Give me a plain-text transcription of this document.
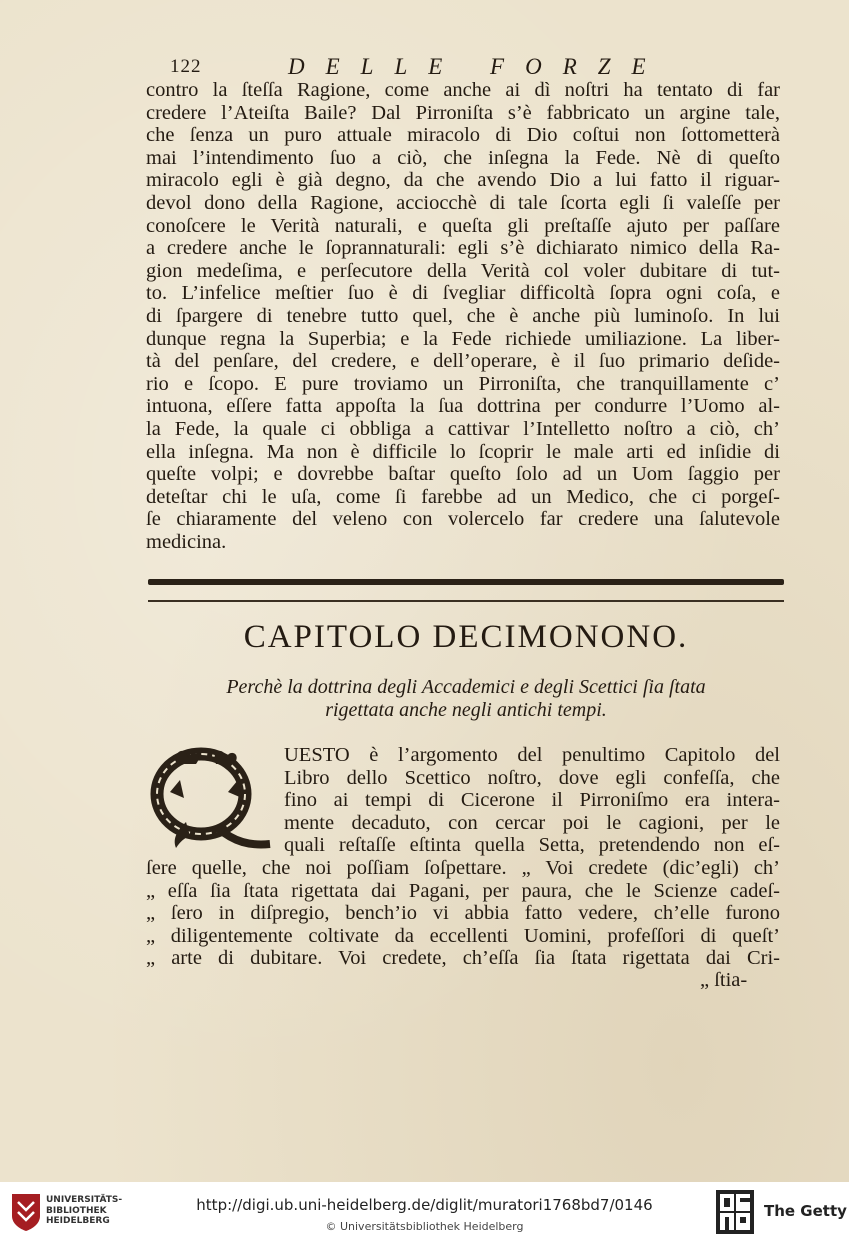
122	DELLE FORZE
contro la ſteſſa Ragione, come anche ai dì noſtri ha tentato di far
credere l’Ateiſta Baile? Dal Pirroniſta s’è fabbricato un argine tale,
che ſenza un puro attuale miracolo di Dio coſtui non ſottometterà
mai l’intendimento ſuo a ciò, che inſegna la Fede. Nè di queſto
miracolo egli è già degno, da che avendo Dio a lui fatto il riguar-
devol dono della Ragione, acciocchè di tale ſcorta egli ſi valeſſe per
conoſcere le Verità naturali, e queſta gli preſtaſſe ajuto per paſſare
a credere anche le ſoprannaturali: egli s’è dichiarato nimico della Ra-
gion medeſima, e perſecutore della Verità col voler dubitare di tut-
to. L’infelice meſtier ſuo è di ſvegliar difficoltà ſopra ogni coſa, e
di ſpargere di tenebre tutto quel, che è anche più luminoſo. In lui
dunque regna la Superbia; e la Fede richiede umiliazione. La liber-
tà del penſare, del credere, e dell’operare, è il ſuo primario deſide-
rio e ſcopo. E pure troviamo un Pirroniſta, che tranquillamente c’
intuona, eſſere fatta appoſta la ſua dottrina per condurre l’Uomo al-
la Fede, la quale ci obbliga a cattivar l’Intelletto noſtro a ciò, ch’
ella inſegna. Ma non è difficile lo ſcoprir le male arti ed inſidie di
queſte volpi; e dovrebbe baſtar queſto ſolo ad un Uom ſaggio per
deteſtar chi le uſa, come ſi farebbe ad un Medico, che ci porgeſ-
ſe chiaramente del veleno con volercelo far credere una ſalutevole
medicina.
CAPITOLO DECIMONONO.
Perchè la dottrina degli Accademici e degli Scettici ſia ſtata
rigettata anche negli antichi tempi.
UESTO è l’argomento del penultimo Capitolo del
Libro dello Scettico noſtro, dove egli confeſſa, che
fino ai tempi di Cicerone il Pirroniſmo era intera-
mente decaduto, con cercar poi le cagioni, per le
quali reſtaſſe eſtinta quella Setta, pretendendo non eſ-
ſere quelle, che noi poſſiam ſoſpettare. „ Voi credete (dic’egli) ch’
„ eſſa ſia ſtata rigettata dai Pagani, per paura, che le Scienze cadeſ-
„ ſero in diſpregio, bench’io vi abbia fatto vedere, ch’elle furono
„ diligentemente coltivate da eccellenti Uomini, profeſſori di queſt’
„ arte di dubitare. Voi credete, ch’eſſa ſia ſtata rigettata dai Cri-
„ ſtia-
UNIVERSITÄTS-
BIBLIOTHEK
HEIDELBERG
http://digi.ub.uni-heidelberg.de/diglit/muratori1768bd7/0146
© Universitätsbibliothek Heidelberg
The Getty
